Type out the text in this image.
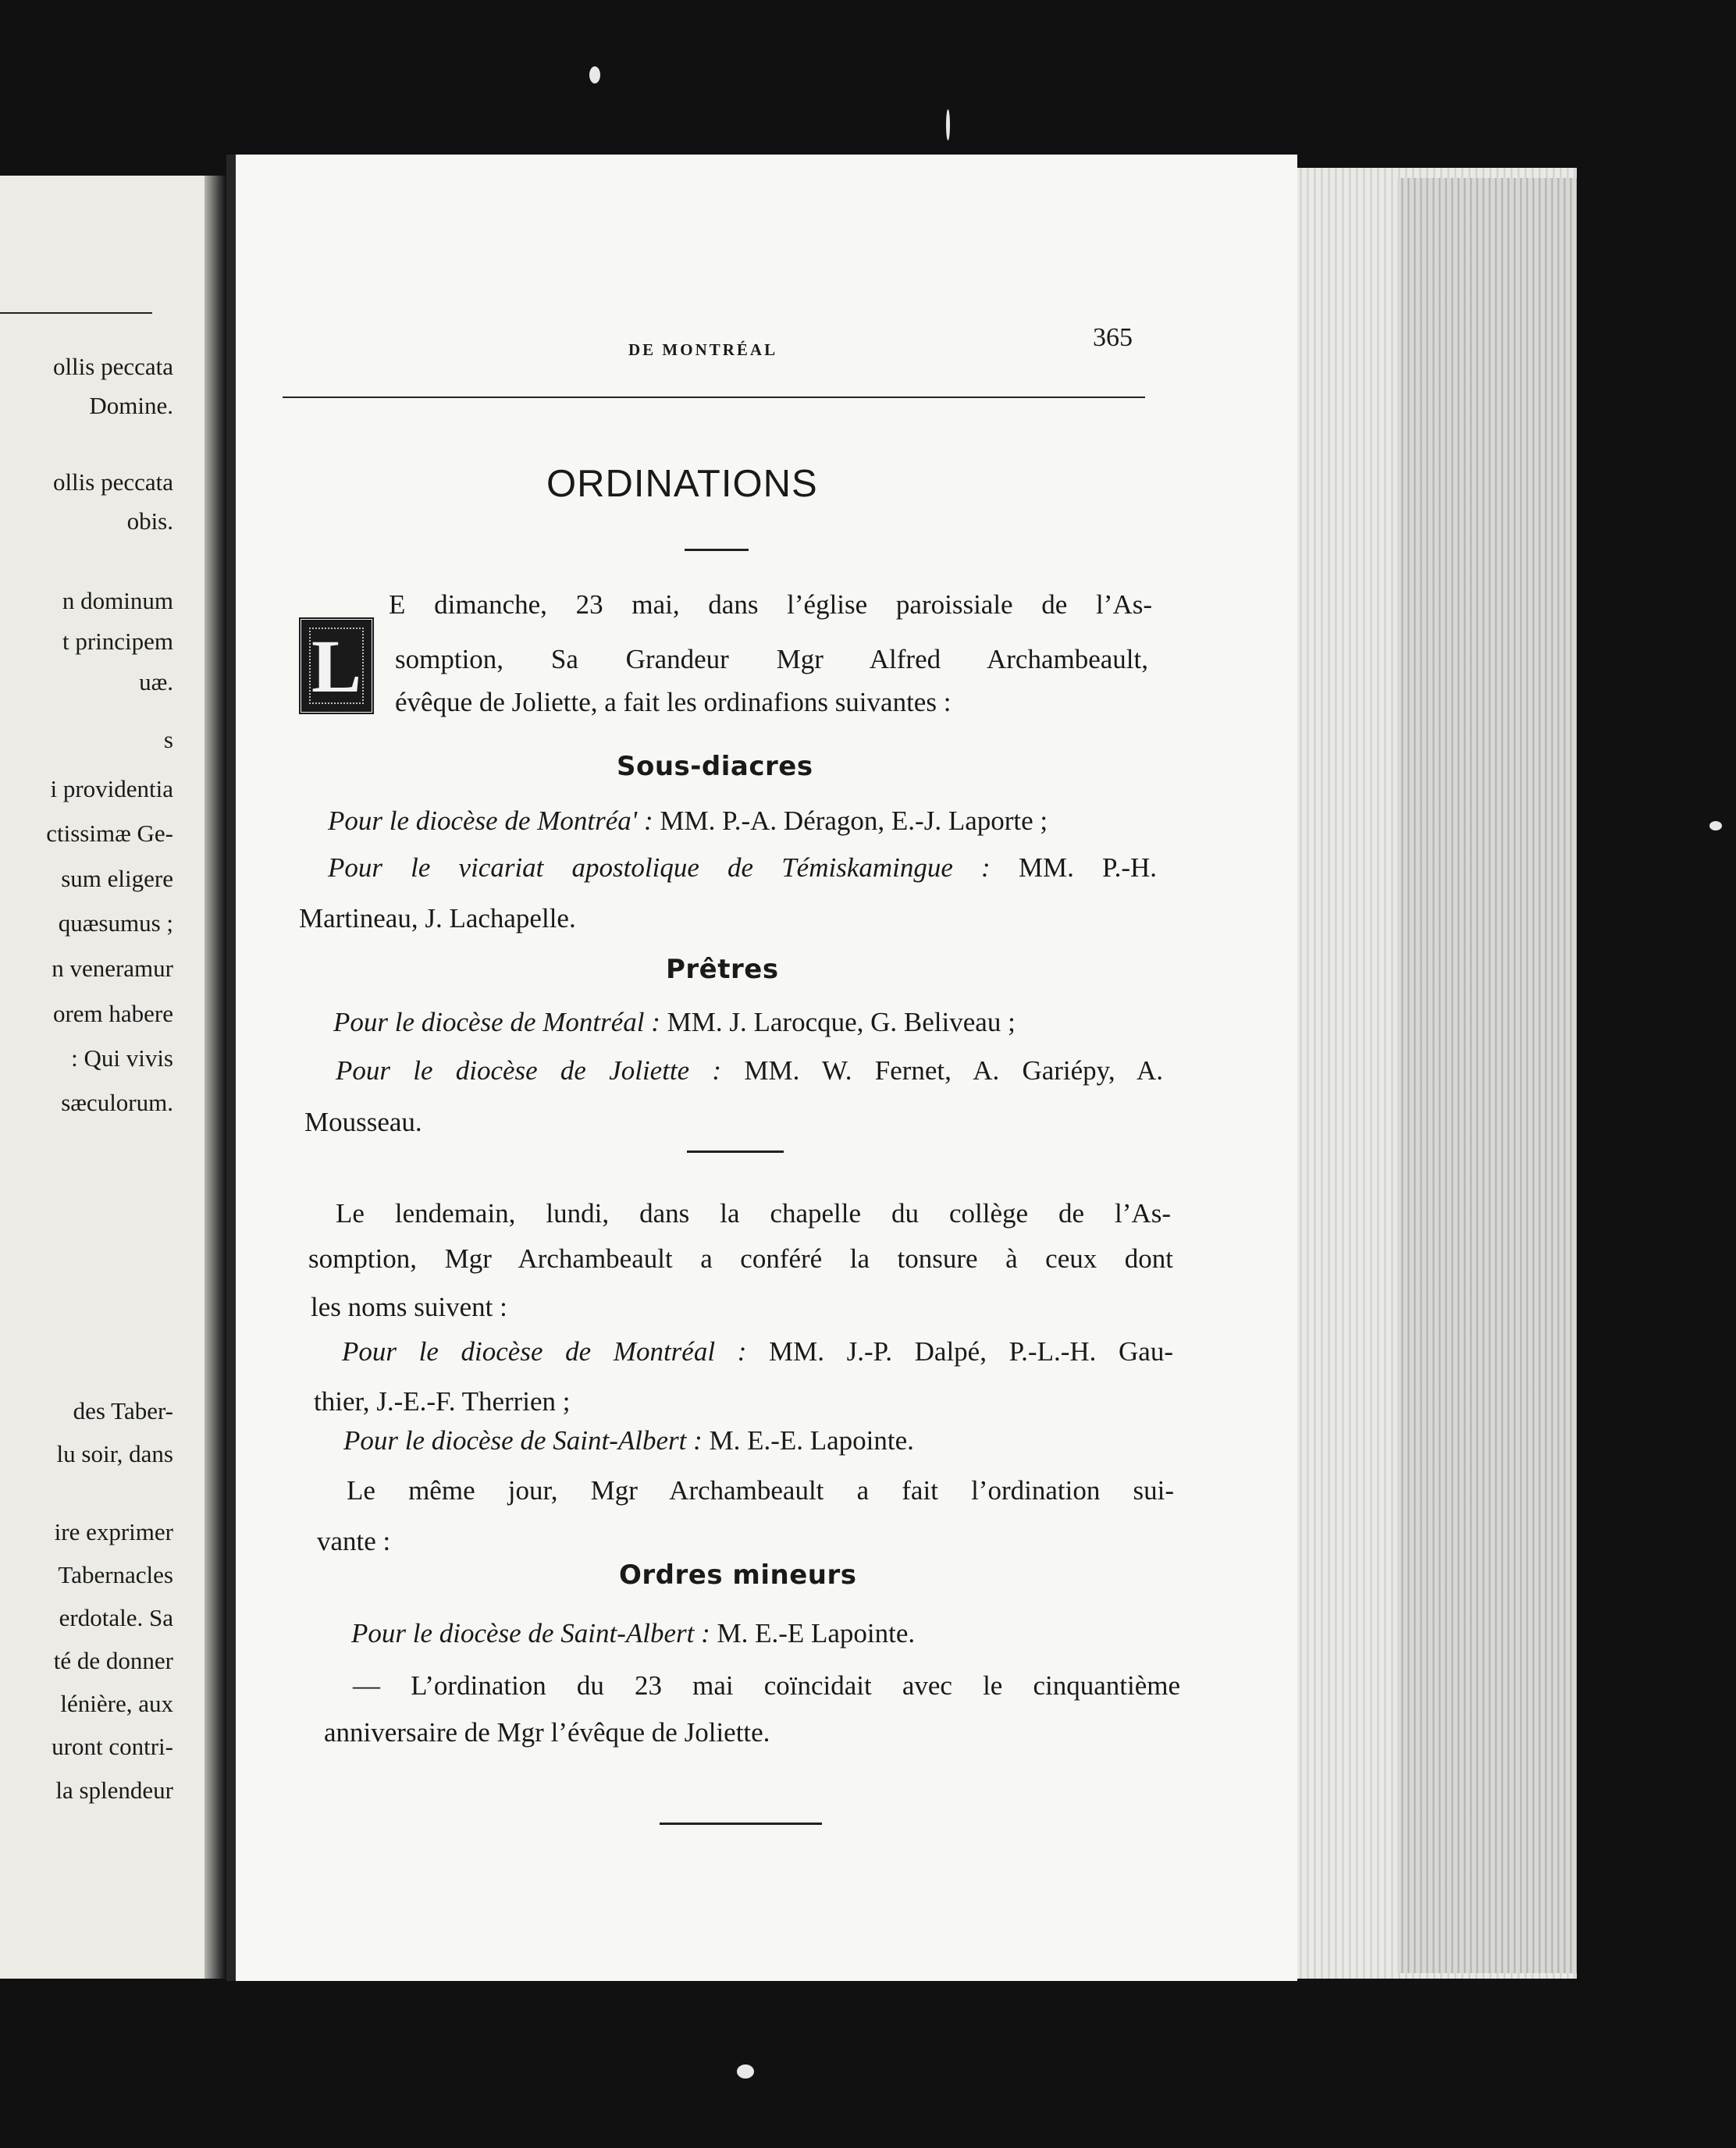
ollis peccata
Domine.
ollis peccata
obis.
n dominum
t principem
uæ.
s
i providentia
ctissimæ Ge-
sum eligere
quæsumus ;
n veneramur
orem habere
: Qui vivis
sæculorum.
des Taber-
lu soir, dans
ire exprimer
Tabernacles
erdotale. Sa
té de donner
lénière, aux
uront contri-
la splendeur
DE MONTRÉAL	365
ORDINATIONS
L
E dimanche, 23 mai, dans l’église paroissiale de l’As-
somption, Sa Grandeur Mgr Alfred Archambeault,
évêque de Joliette, a fait les ordinafions suivantes :
Sous-diacres
Pour le diocèse de Montréa' : MM. P.-A. Déragon, E.-J. Laporte ;
Pour le vicariat apostolique de Témiskamingue : MM. P.-H.
Martineau, J. Lachapelle.
Prêtres
Pour le diocèse de Montréal : MM. J. Larocque, G. Beliveau ;
Pour le diocèse de Joliette : MM. W. Fernet, A. Gariépy, A.
Mousseau.
Le lendemain, lundi, dans la chapelle du collège de l’As-
somption, Mgr Archambeault a conféré la tonsure à ceux dont
les noms suivent :
Pour le diocèse de Montréal : MM. J.-P. Dalpé, P.-L.-H. Gau-
thier, J.-E.-F. Therrien ;
Pour le diocèse de Saint-Albert : M. E.-E. Lapointe.
Le même jour, Mgr Archambeault a fait l’ordination sui-
vante :
Ordres mineurs
Pour le diocèse de Saint-Albert : M. E.-E Lapointe.
— L’ordination du 23 mai coïncidait avec le cinquantième
anniversaire de Mgr l’évêque de Joliette.
